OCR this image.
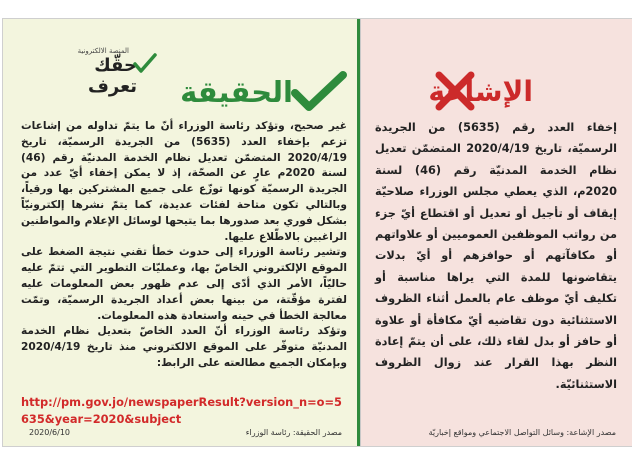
المنصة الالكترونية
حقّك تعرف الحقيقة

غير صحيح، وتؤكد رئاسة الوزراء أنّ ما يتمّ تداوله من إشاعات تزعم بإخفاء العدد (5635) من الجريدة الرسميّة، تاريخ 2020/4/19 المتضمّن تعديل نظام الخدمة المدنيّة رقم (46) لسنة 2020م عارٍ عن الصحّة، إذ لا يمكن إخفاء أيّ عدد من الجريدة الرسميّة كونها توزّع على جميع المشتركين بها ورقياً، وبالتالي تكون متاحة لفئات عديدة، كما يتمّ نشرها إلكترونيّاً بشكل فوري بعد صدورها بما يتيحها لوسائل الإعلام والمواطنين الراغبين بالاطّلاع عليها.

وتشير رئاسة الوزراء إلى حدوث خطأ تقني نتيجة الضغط على الموقع الإلكتروني الخاصّ بها، وعمليّات التطوير التي تتمّ عليه حاليّاً، الأمر الذي أدّى إلى عدم ظهور بعض المعلومات عليه لفترة مؤقّتة، من بينها بعض أعداد الجريدة الرسميّة، وتمّت معالجة الخطأ في حينه واستعادة هذه المعلومات.

وتؤكد رئاسة الوزراء أنّ العدد الخاصّ بتعديل نظام الخدمة المدنيّة متوفّر على الموقع الالكتروني منذ تاريخ 2020/4/19 وبإمكان الجميع مطالعته على الرابط:

http://pm.gov.jo/newspaperResult?version_n=o=5635&year=2020&subject
2020/6/10	مصدر الحقيقة: رئاسة الوزراء
الإشاعة
إخفاء العدد رقم (5635) من الجريدة الرسميّة، تاريخ 2020/4/19 المتضمّن تعديل نظام الخدمة المدنيّة رقم (46) لسنة 2020م، الذي يعطي مجلس الوزراء صلاحيّة إيقاف أو تأجيل أو تعديل أو اقتطاع أيّ جزء من رواتب الموظفين العموميين أو علاواتهم أو مكافآتهم أو حوافزهم أو أيّ بدلات يتقاضونها للمدة التي يراها مناسبة أو تكليف أيّ موظف عام بالعمل أثناء الظروف الاستثنائية دون تقاضيه أيّ مكافأة أو علاوة أو حافز أو بدل لقاء ذلك، على أن يتمّ إعادة النظر بهذا القرار عند زوال الظروف الاستثنائيّة.
مصدر الإشاعة: وسائل التواصل الاجتماعي ومواقع إخباريّة
